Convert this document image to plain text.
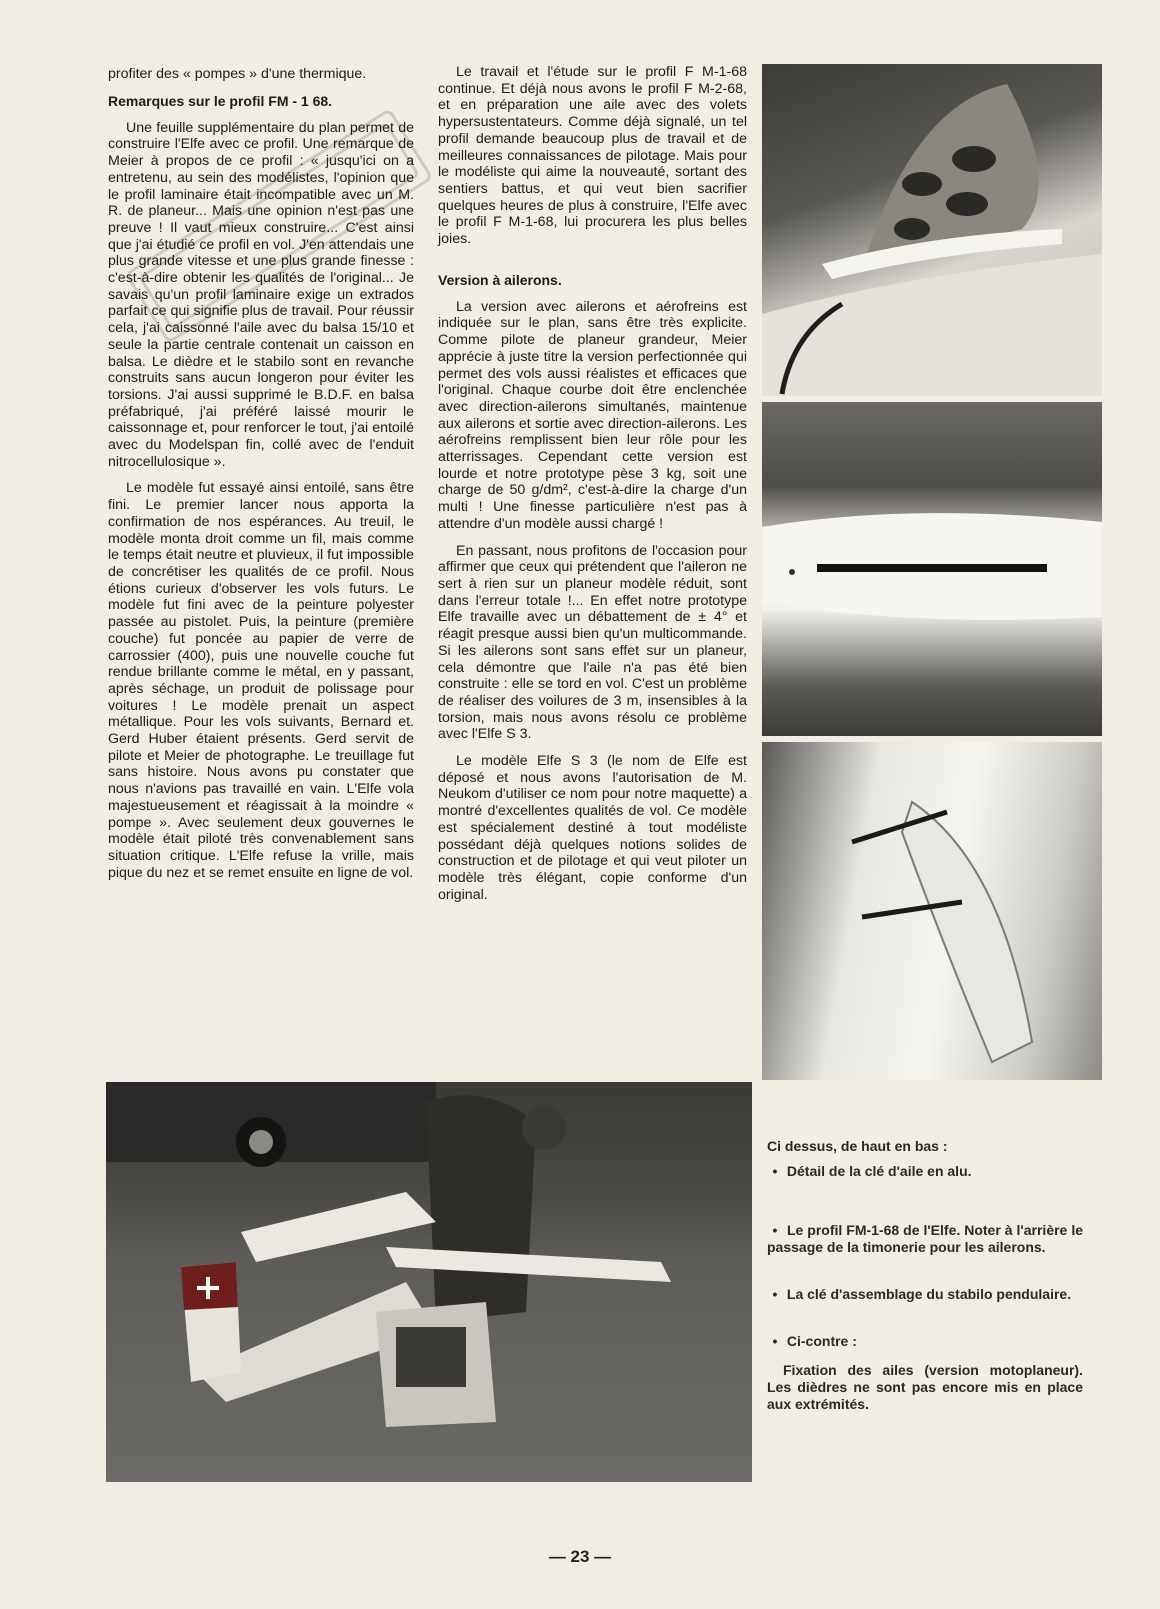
profiter des « pompes » d'une thermique.

Remarques sur le profil FM - 1 68.

Une feuille supplémentaire du plan permet de construire l'Elfe avec ce profil. Une remarque de Meier à propos de ce profil : « jusqu'ici on a entretenu, au sein des modélistes, l'opinion que le profil laminaire était incompatible avec un M. R. de planeur... Mais une opinion n'est pas une preuve ! Il vaut mieux construire... C'est ainsi que j'ai étudié ce profil en vol. J'en attendais une plus grande vitesse et une plus grande finesse : c'est-à-dire obtenir les qualités de l'original... Je savais qu'un profil laminaire exige un extrados parfait ce qui signifie plus de travail. Pour réussir cela, j'ai caissonné l'aile avec du balsa 15/10 et seule la partie centrale contenait un caisson en balsa. Le dièdre et le stabilo sont en revanche construits sans aucun longeron pour éviter les torsions. J'ai aussi supprimé le B.D.F. en balsa préfabriqué, j'ai préféré laissé mourir le caissonnage et, pour renforcer le tout, j'ai entoilé avec du Modelspan fin, collé avec de l'enduit nitrocellulosique ».

Le modèle fut essayé ainsi entoilé, sans être fini. Le premier lancer nous apporta la confirmation de nos espérances. Au treuil, le modèle monta droit comme un fil, mais comme le temps était neutre et pluvieux, il fut impossible de concrétiser les qualités de ce profil. Nous étions curieux d'observer les vols futurs. Le modèle fut fini avec de la peinture polyester passée au pistolet. Puis, la peinture (première couche) fut poncée au papier de verre de carrossier (400), puis une nouvelle couche fut rendue brillante comme le métal, en y passant, après séchage, un produit de polissage pour voitures ! Le modèle prenait un aspect métallique. Pour les vols suivants, Bernard et. Gerd Huber étaient présents. Gerd servit de pilote et Meier de photographe. Le treuillage fut sans histoire. Nous avons pu constater que nous n'avions pas travaillé en vain. L'Elfe vola majestueusement et réagissait à la moindre « pompe ». Avec seulement deux gouvernes le modèle était piloté très convenablement sans situation critique. L'Elfe refuse la vrille, mais pique du nez et se remet ensuite en ligne de vol.

Le travail et l'étude sur le profil F M-1-68 continue. Et déjà nous avons le profil F M-2-68, et en préparation une aile avec des volets hypersustentateurs. Comme déjà signalé, un tel profil demande beaucoup plus de travail et de meilleures connaissances de pilotage. Mais pour le modéliste qui aime la nouveauté, sortant des sentiers battus, et qui veut bien sacrifier quelques heures de plus à construire, l'Elfe avec le profil F M-1-68, lui procurera les plus belles joies.

Version à ailerons.

La version avec ailerons et aérofreins est indiquée sur le plan, sans être très explicite. Comme pilote de planeur grandeur, Meier apprécie à juste titre la version perfectionnée qui permet des vols aussi réalistes et efficaces que l'original. Chaque courbe doit être enclenchée avec direction-ailerons simultanés, maintenue aux ailerons et sortie avec direction-ailerons. Les aérofreins remplissent bien leur rôle pour les atterrissages. Cependant cette version est lourde et notre prototype pèse 3 kg, soit une charge de 50 g/dm², c'est-à-dire la charge d'un multi ! Une finesse particulière n'est pas à attendre d'un modèle aussi chargé !

En passant, nous profitons de l'occasion pour affirmer que ceux qui prétendent que l'aileron ne sert à rien sur un planeur modèle réduit, sont dans l'erreur totale !... En effet notre prototype Elfe travaille avec un débattement de ± 4° et réagit presque aussi bien qu'un multicommande. Si les ailerons sont sans effet sur un planeur, cela démontre que l'aile n'a pas été bien construite : elle se tord en vol. C'est un problème de réaliser des voilures de 3 m, insensibles à la torsion, mais nous avons résolu ce problème avec l'Elfe S 3.

Le modèle Elfe S 3 (le nom de Elfe est déposé et nous avons l'autorisation de M. Neukom d'utiliser ce nom pour notre maquette) a montré d'excellentes qualités de vol. Ce modèle est spécialement destiné à tout modéliste possédant déjà quelques notions solides de construction et de pilotage et qui veut piloter un modèle très élégant, copie conforme d'un original.

Ci dessus, de haut en bas :

• Détail de la clé d'aile en alu.

• Le profil FM-1-68 de l'Elfe. Noter à l'arrière le passage de la timonerie pour les ailerons.

• La clé d'assemblage du stabilo pendulaire.

• Ci-contre :

Fixation des ailes (version motoplaneur). Les dièdres ne sont pas encore mis en place aux extrémités.

— 23 —
